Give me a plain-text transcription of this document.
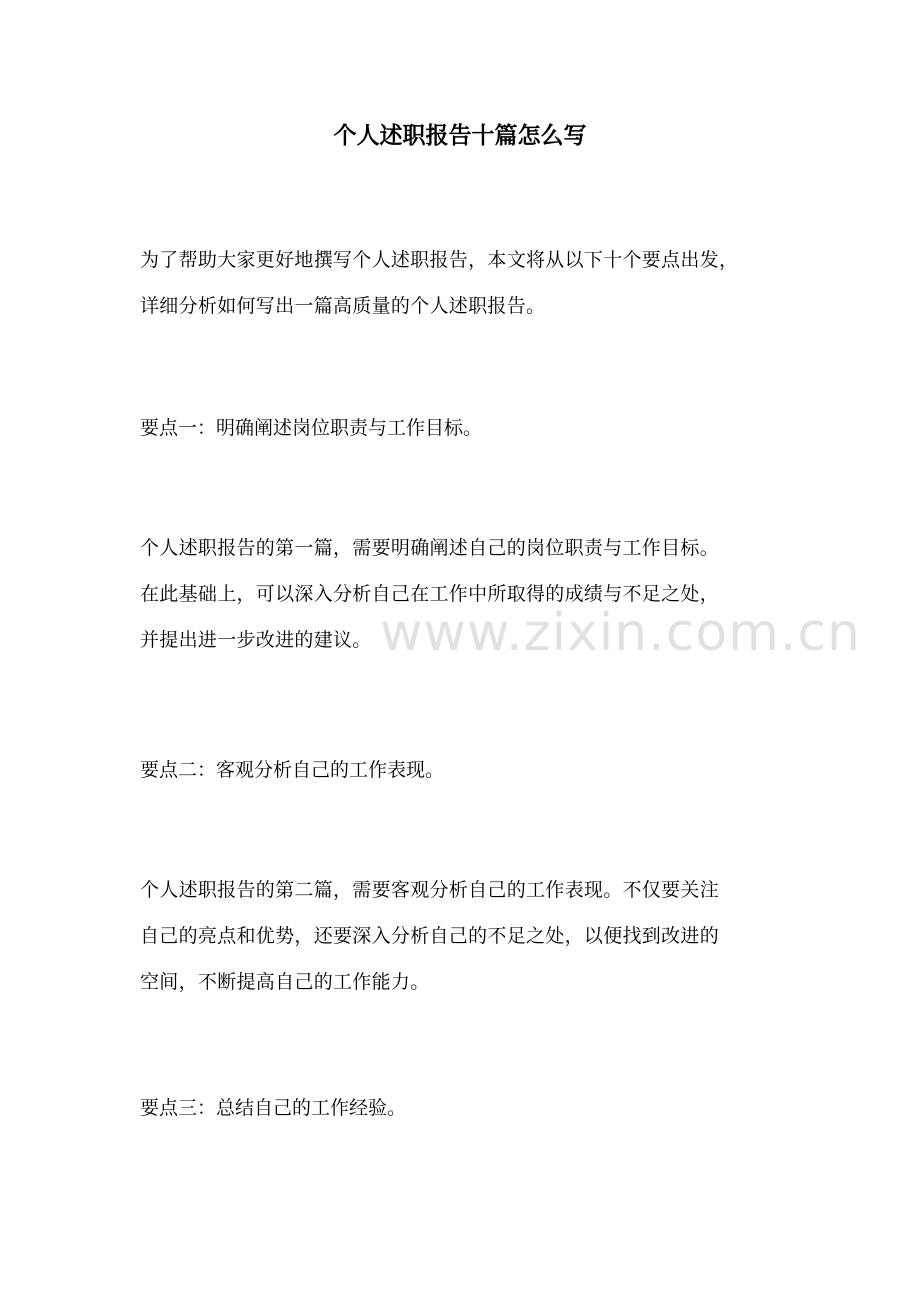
个人述职报告十篇怎么写
为了帮助大家更好地撰写个人述职报告，本文将从以下十个要点出发，
详细分析如何写出一篇高质量的个人述职报告。
要点一：明确阐述岗位职责与工作目标。
个人述职报告的第一篇，需要明确阐述自己的岗位职责与工作目标。
在此基础上，可以深入分析自己在工作中所取得的成绩与不足之处，
并提出进一步改进的建议。
要点二：客观分析自己的工作表现。
个人述职报告的第二篇，需要客观分析自己的工作表现。不仅要关注
自己的亮点和优势，还要深入分析自己的不足之处，以便找到改进的
空间，不断提高自己的工作能力。
要点三：总结自己的工作经验。
www.zixin.com.cn
